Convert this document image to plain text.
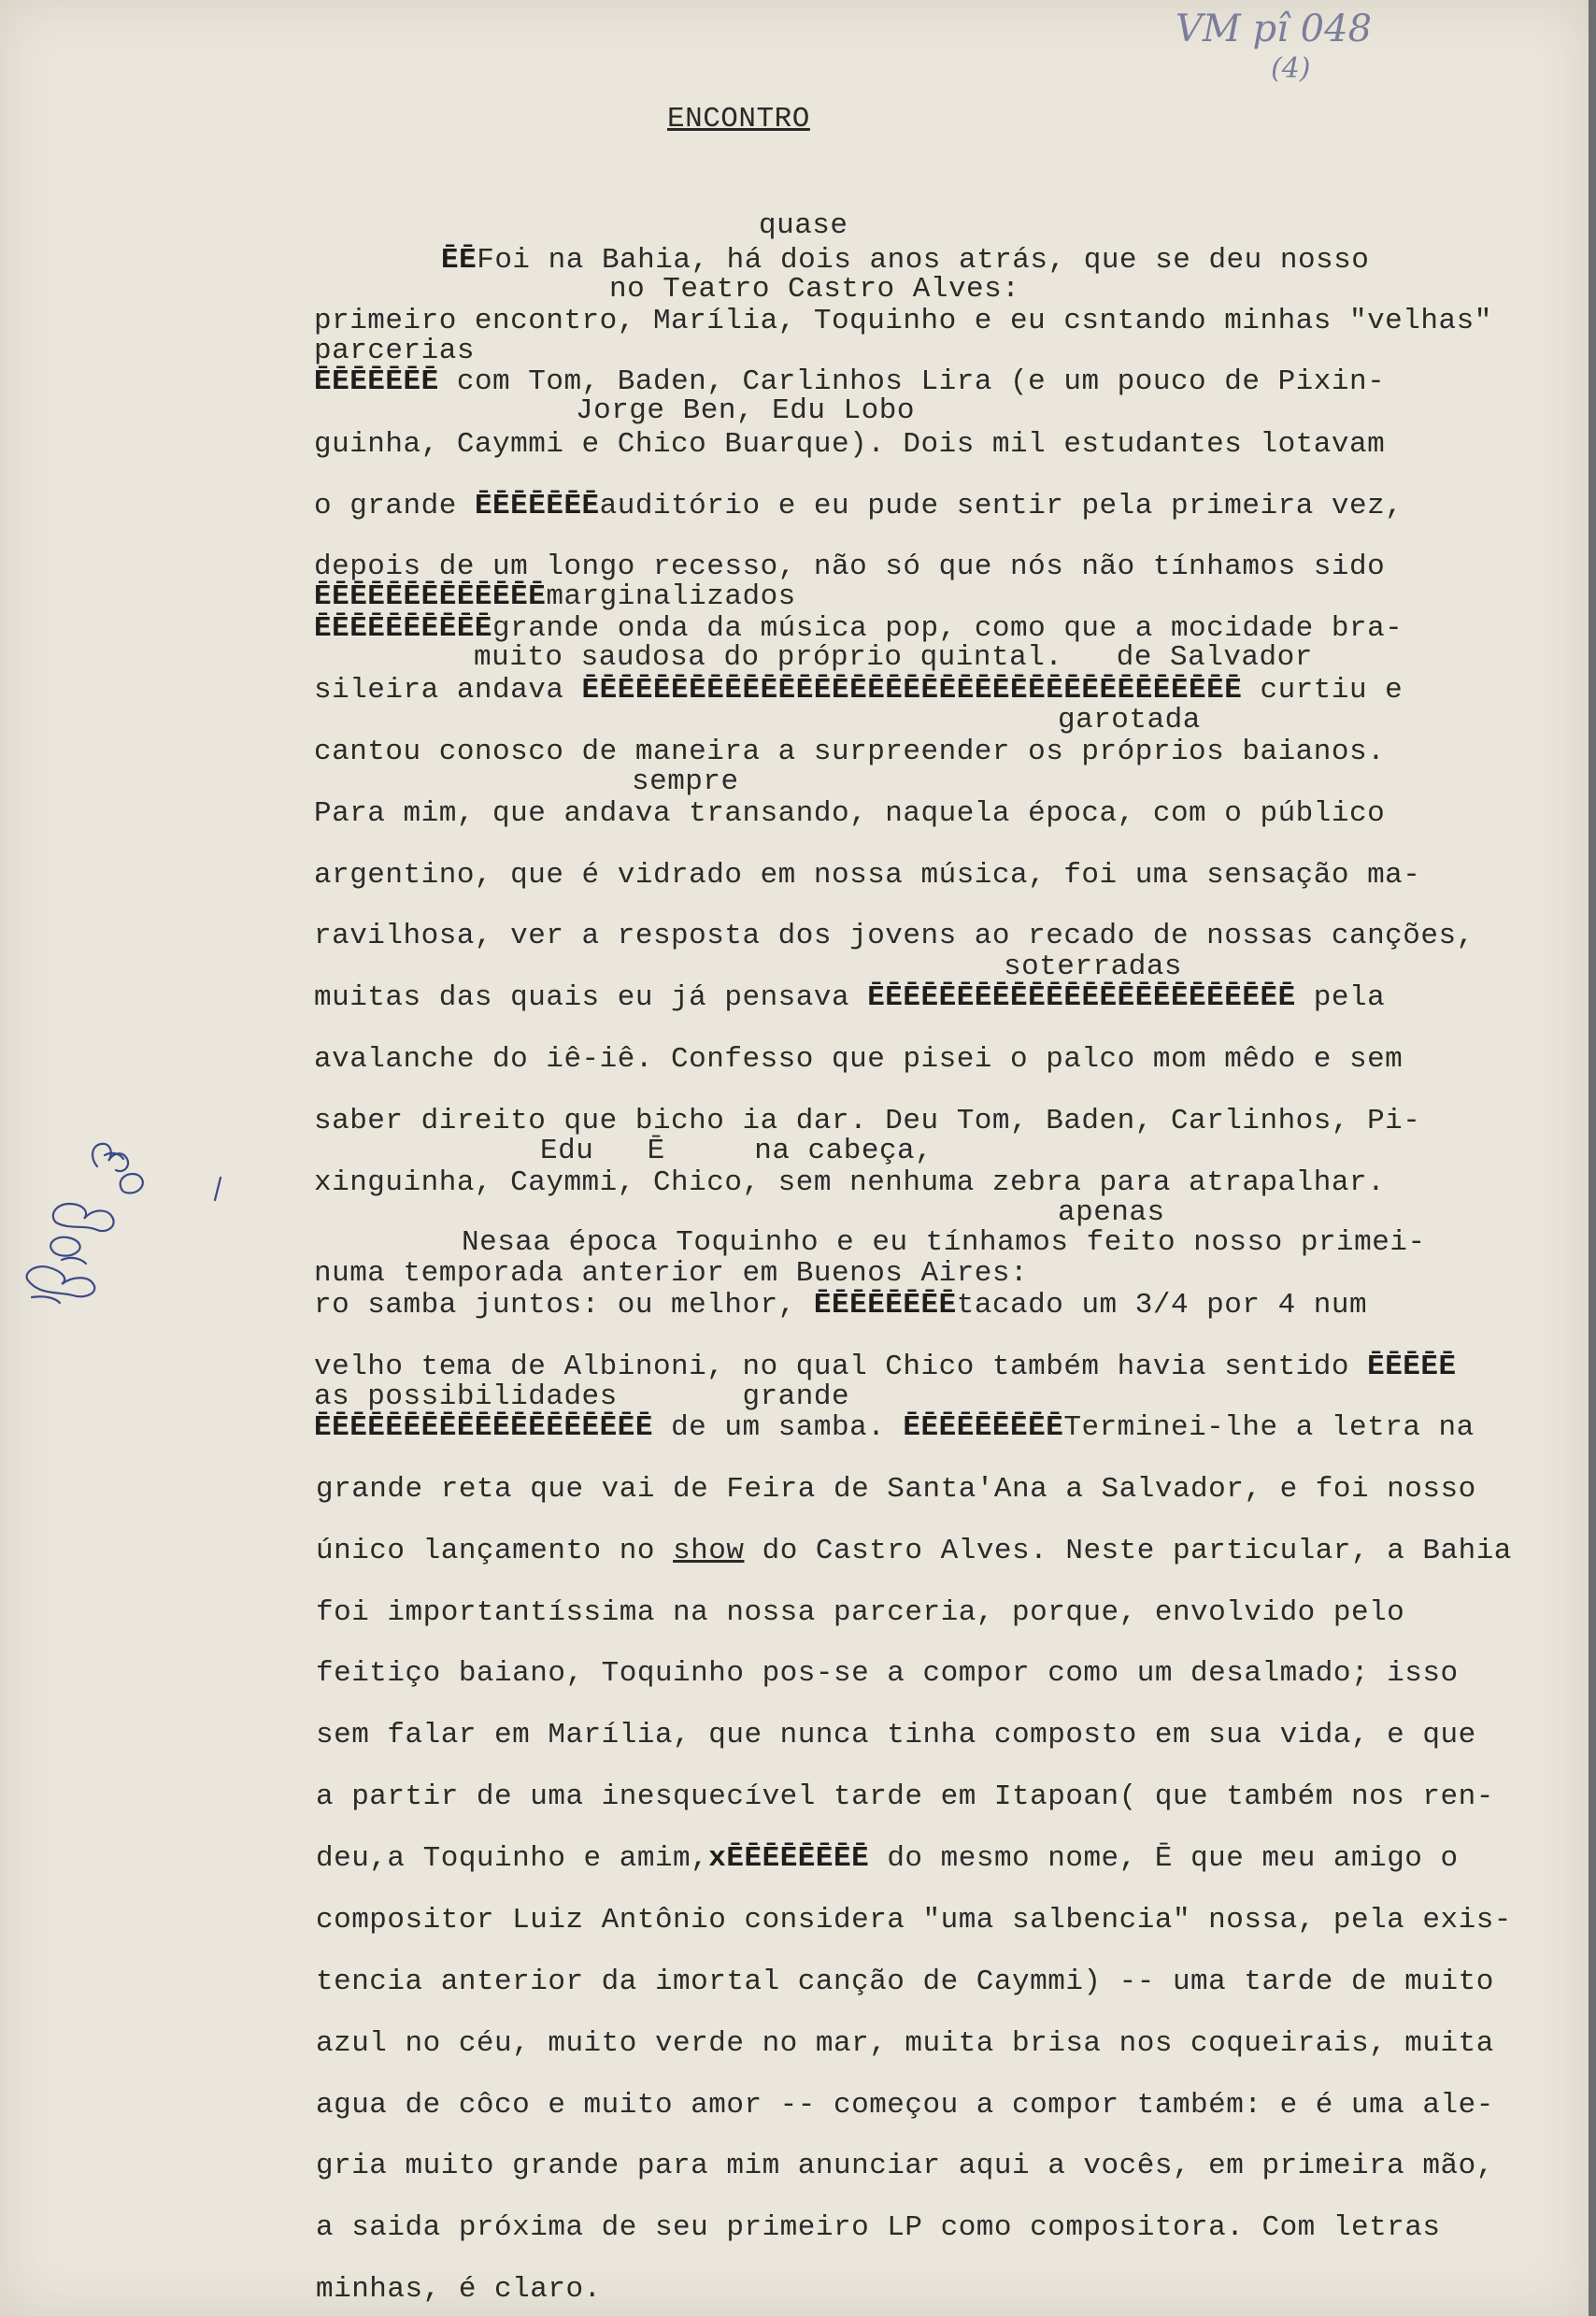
VM pî 048
(4)
ENCONTRO
quase
ĒĒFoi na Bahia, há dois anos atrás, que se deu nosso
no Teatro Castro Alves:
primeiro encontro, Marília, Toquinho e eu csntando minhas "velhas"
parcerias
ĒĒĒĒĒĒĒ com Tom, Baden, Carlinhos Lira (e um pouco de Pixin-
Jorge Ben, Edu Lobo
guinha, Caymmi e Chico Buarque). Dois mil estudantes lotavam
o grande ĒĒĒĒĒĒĒauditório e eu pude sentir pela primeira vez,
depois de um longo recesso, não só que nós não tínhamos sido
ĒĒĒĒĒĒĒĒĒĒĒĒĒmarginalizados
ĒĒĒĒĒĒĒĒĒĒgrande onda da música pop, como que a mocidade bra-
muito saudosa do próprio quintal.   de Salvador
sileira andava ĒĒĒĒĒĒĒĒĒĒĒĒĒĒĒĒĒĒĒĒĒĒĒĒĒĒĒĒĒĒĒĒĒĒĒĒĒ curtiu e
garotada
cantou conosco de maneira a surpreender os próprios baianos.
sempre
Para mim, que andava transando, naquela época, com o público
argentino, que é vidrado em nossa música, foi uma sensação ma-
ravilhosa, ver a resposta dos jovens ao recado de nossas canções,
soterradas
muitas das quais eu já pensava ĒĒĒĒĒĒĒĒĒĒĒĒĒĒĒĒĒĒĒĒĒĒĒĒ pela
avalanche do iê-iê. Confesso que pisei o palco mom mêdo e sem
saber direito que bicho ia dar. Deu Tom, Baden, Carlinhos, Pi-
Edu   Ē     na cabeça,
xinguinha, Caymmi, Chico, sem nenhuma zebra para atrapalhar.
apenas
Nesaa época Toquinho e eu tínhamos feito nosso primei-
numa temporada anterior em Buenos Aires:
ro samba juntos: ou melhor, ĒĒĒĒĒĒĒĒtacado um 3/4 por 4 num
velho tema de Albinoni, no qual Chico também havia sentido ĒĒĒĒĒ
as possibilidades       grande
ĒĒĒĒĒĒĒĒĒĒĒĒĒĒĒĒĒĒĒ de um samba. ĒĒĒĒĒĒĒĒĒTerminei-lhe a letra na
grande reta que vai de Feira de Santa'Ana a Salvador, e foi nosso
único lançamento no show do Castro Alves. Neste particular, a Bahia
foi importantíssima na nossa parceria, porque, envolvido pelo
feitiço baiano, Toquinho pos-se a compor como um desalmado; isso
sem falar em Marília, que nunca tinha composto em sua vida, e que
a partir de uma inesquecível tarde em Itapoan( que também nos ren-
deu,a Toquinho e amim,xĒĒĒĒĒĒĒĒ do mesmo nome, Ē que meu amigo o
compositor Luiz Antônio considera "uma salbencia" nossa, pela exis-
tencia anterior da imortal canção de Caymmi) -- uma tarde de muito
azul no céu, muito verde no mar, muita brisa nos coqueirais, muita
agua de côco e muito amor -- começou a compor também: e é uma ale-
gria muito grande para mim anunciar aqui a vocês, em primeira mão,
a saida próxima de seu primeiro LP como compositora. Com letras
minhas, é claro.
